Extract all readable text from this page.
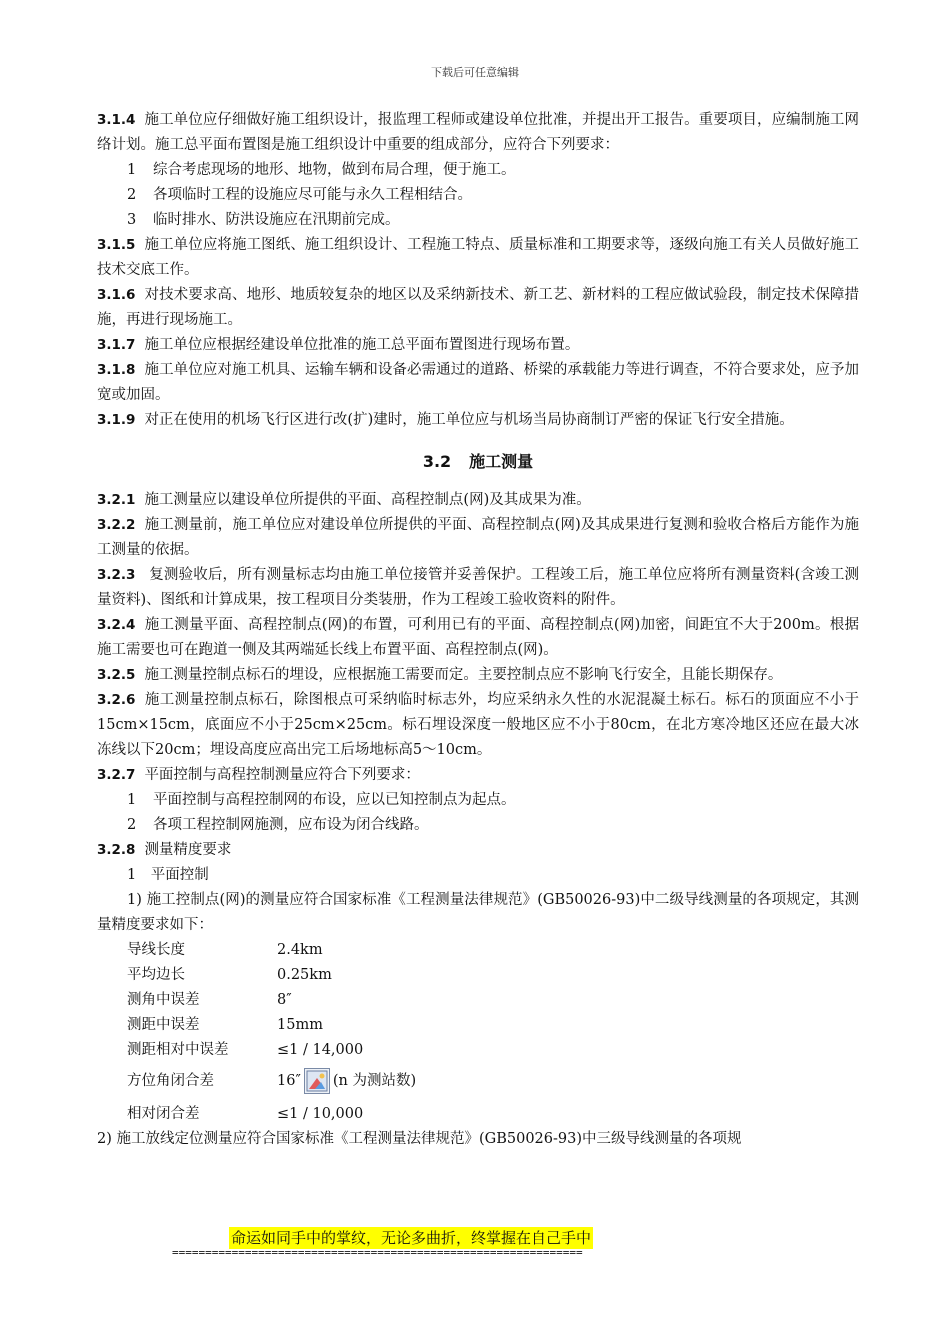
下载后可任意编辑

3.1.4 施工单位应仔细做好施工组织设计，报监理工程师或建设单位批准，并提出开工报告。重要项目，应编制施工网络计划。施工总平面布置图是施工组织设计中重要的组成部分，应符合下列要求：

1 综合考虑现场的地形、地物，做到布局合理，便于施工。

2 各项临时工程的设施应尽可能与永久工程相结合。

3 临时排水、防洪设施应在汛期前完成。

3.1.5 施工单位应将施工图纸、施工组织设计、工程施工特点、质量标准和工期要求等，逐级向施工有关人员做好施工技术交底工作。

3.1.6 对技术要求高、地形、地质较复杂的地区以及采纳新技术、新工艺、新材料的工程应做试验段，制定技术保障措施，再进行现场施工。

3.1.7 施工单位应根据经建设单位批准的施工总平面布置图进行现场布置。

3.1.8 施工单位应对施工机具、运输车辆和设备必需通过的道路、桥梁的承载能力等进行调查，不符合要求处，应予加宽或加固。

3.1.9 对正在使用的机场飞行区进行改(扩)建时，施工单位应与机场当局协商制订严密的保证飞行安全措施。

3.2 施工测量

3.2.1 施工测量应以建设单位所提供的平面、高程控制点(网)及其成果为准。

3.2.2 施工测量前，施工单位应对建设单位所提供的平面、高程控制点(网)及其成果进行复测和验收合格后方能作为施工测量的依据。

3.2.3 复测验收后，所有测量标志均由施工单位接管并妥善保护。工程竣工后，施工单位应将所有测量资料(含竣工测量资料)、图纸和计算成果，按工程项目分类装册，作为工程竣工验收资料的附件。

3.2.4 施工测量平面、高程控制点(网)的布置，可利用已有的平面、高程控制点(网)加密，间距宜不大于200m。根据施工需要也可在跑道一侧及其两端延长线上布置平面、高程控制点(网)。

3.2.5 施工测量控制点标石的埋设，应根据施工需要而定。主要控制点应不影响飞行安全，且能长期保存。

3.2.6 施工测量控制点标石，除图根点可采纳临时标志外，均应采纳永久性的水泥混凝土标石。标石的顶面应不小于15cm×15cm，底面应不小于25cm×25cm。标石埋设深度一般地区应不小于80cm，在北方寒冷地区还应在最大冰冻线以下20cm；埋设高度应高出完工后场地标高5～10cm。

3.2.7 平面控制与高程控制测量应符合下列要求：

1 平面控制与高程控制网的布设，应以已知控制点为起点。

2 各项工程控制网施测，应布设为闭合线路。

3.2.8 测量精度要求

1　平面控制

1) 施工控制点(网)的测量应符合国家标准《工程测量法律规范》(GB50026-93)中二级导线测量的各项规定，其测量精度要求如下：

导线长度	2.4km

平均边长	0.25km

测角中误差	8″

测距中误差	15mm

测距相对中误差	≤1 / 14,000

方位角闭合差	16″ (n 为测站数)

相对闭合差	≤1 / 10,000

2) 施工放线定位测量应符合国家标准《工程测量法律规范》(GB50026-93)中三级导线测量的各项规

命运如同手中的掌纹，无论多曲折，终掌握在自己手中
==============================================================
